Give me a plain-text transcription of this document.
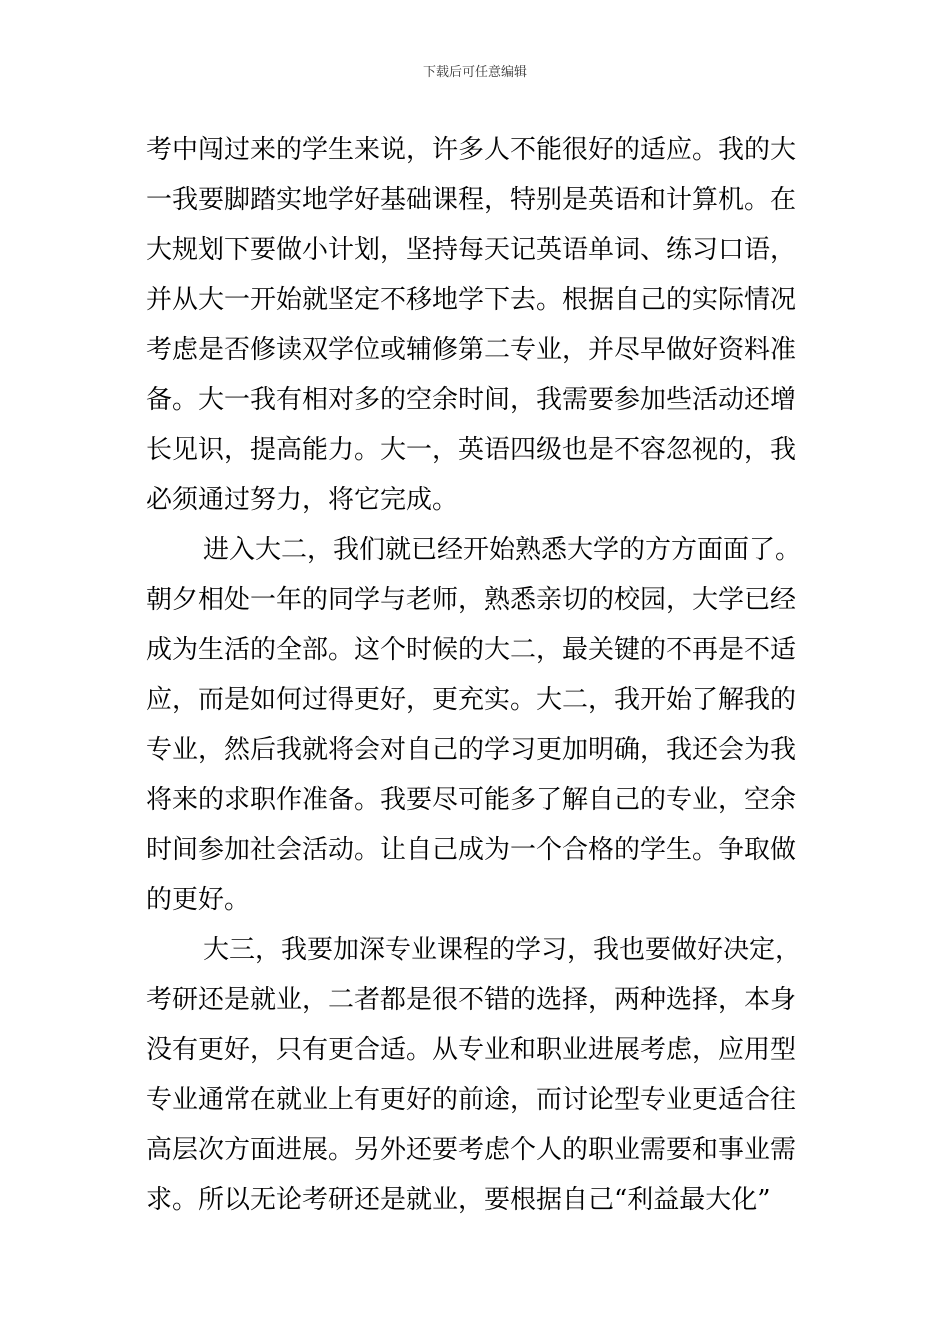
下载后可任意编辑
考中闯过来的学生来说，许多人不能很好的适应。我的大
一我要脚踏实地学好基础课程，特别是英语和计算机。在
大规划下要做小计划，坚持每天记英语单词、练习口语，
并从大一开始就坚定不移地学下去。根据自己的实际情况
考虑是否修读双学位或辅修第二专业，并尽早做好资料准
备。大一我有相对多的空余时间，我需要参加些活动还增
长见识，提高能力。大一，英语四级也是不容忽视的，我
必须通过努力，将它完成。
进入大二，我们就已经开始熟悉大学的方方面面了。
朝夕相处一年的同学与老师，熟悉亲切的校园，大学已经
成为生活的全部。这个时候的大二，最关键的不再是不适
应，而是如何过得更好，更充实。大二，我开始了解我的
专业，然后我就将会对自己的学习更加明确，我还会为我
将来的求职作准备。我要尽可能多了解自己的专业，空余
时间参加社会活动。让自己成为一个合格的学生。争取做
的更好。
大三，我要加深专业课程的学习，我也要做好决定，
考研还是就业，二者都是很不错的选择，两种选择，本身
没有更好，只有更合适。从专业和职业进展考虑，应用型
专业通常在就业上有更好的前途，而讨论型专业更适合往
高层次方面进展。另外还要考虑个人的职业需要和事业需
求。所以无论考研还是就业，要根据自己“利益最大化”
